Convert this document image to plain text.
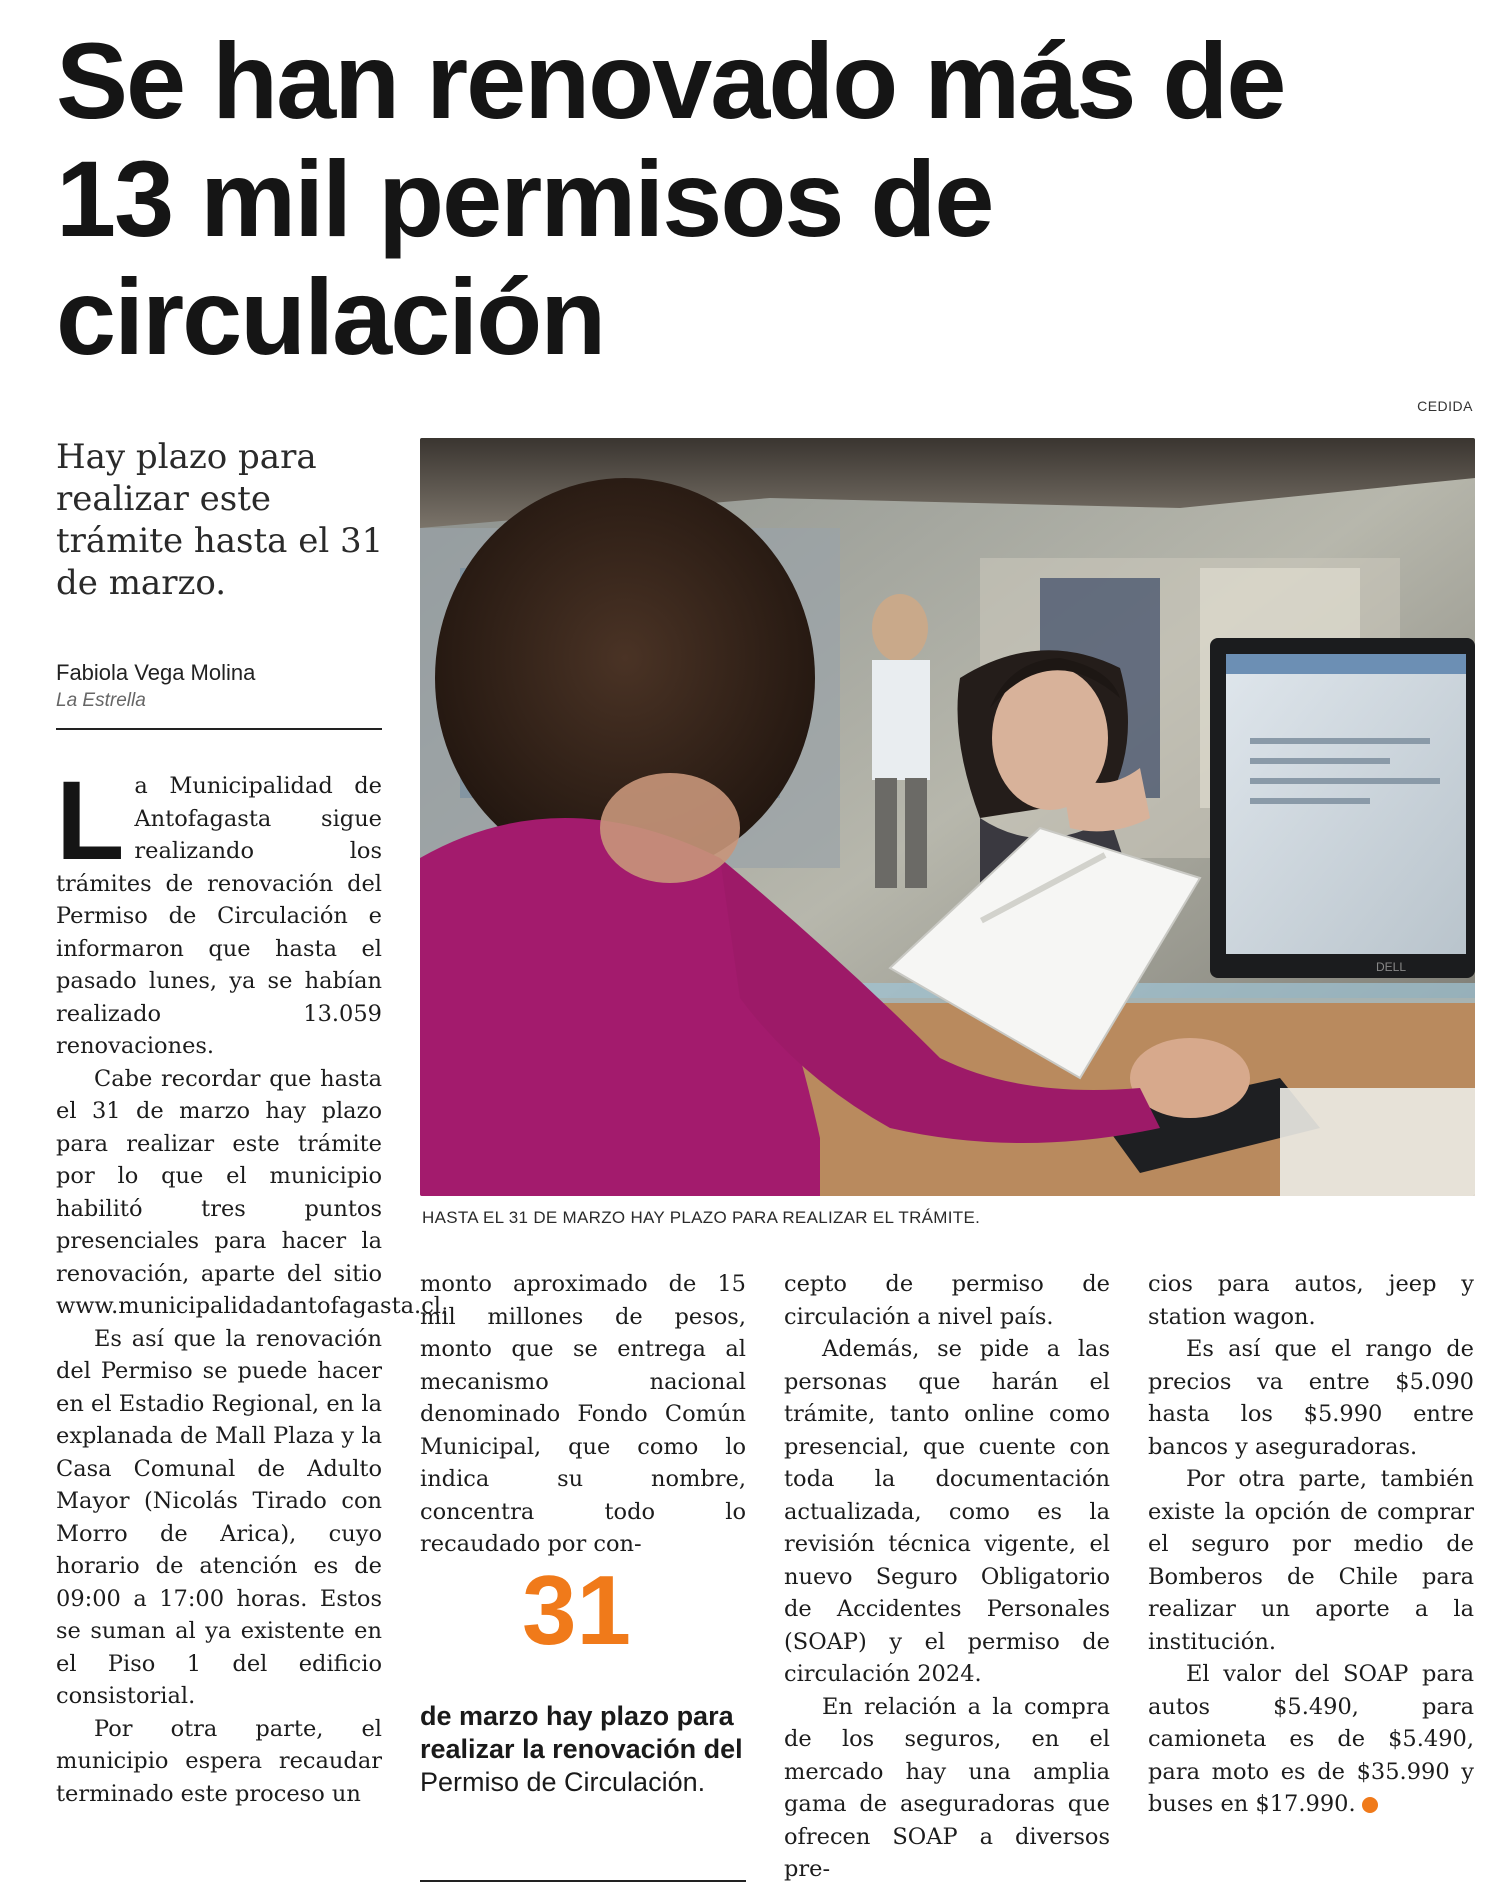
Se han renovado más de
13 mil permisos de
circulación
CEDIDA
Hay plazo para realizar este trámite hasta el 31 de marzo.
Fabiola Vega Molina
La Estrella
DELL
HASTA EL 31 DE MARZO HAY PLAZO PARA REALIZAR EL TRÁMITE.

La Municipalidad de Antofagasta sigue realizando los trámites de renovación del Permiso de Circulación e informaron que hasta el pasado lunes, ya se habían realizado 13.059 renovaciones.

Cabe recordar que hasta el 31 de marzo hay plazo para realizar este trámite por lo que el municipio habilitó tres puntos presenciales para hacer la renovación, aparte del sitio www.municipalidadantofagasta.cl.

Es así que la renovación del Permiso se puede hacer en el Estadio Regional, en la explanada de Mall Plaza y la Casa Comunal de Adulto Mayor (Nicolás Tirado con Morro de Arica), cuyo horario de atención es de 09:00 a 17:00 horas. Estos se suman al ya existente en el Piso 1 del edificio consistorial.

Por otra parte, el municipio espera recaudar terminado este proceso un

monto aproximado de 15 mil millones de pesos, monto que se entrega al mecanismo nacional denominado Fondo Común Municipal, que como lo indica su nombre, concentra todo lo recaudado por con-

31
de marzo hay plazo para realizar la renovación del Permiso de Circulación.

cepto de permiso de circulación a nivel país.

Además, se pide a las personas que harán el trámite, tanto online como presencial, que cuente con toda la documentación actualizada, como es la revisión técnica vigente, el nuevo Seguro Obligatorio de Accidentes Personales (SOAP) y el permiso de circulación 2024.

En relación a la compra de los seguros, en el mercado hay una amplia gama de aseguradoras que ofrecen SOAP a diversos pre-

cios para autos, jeep y station wagon.

Es así que el rango de precios va entre $5.090 hasta los $5.990 entre bancos y aseguradoras.

Por otra parte, también existe la opción de comprar el seguro por medio de Bomberos de Chile para realizar un aporte a la institución.

El valor del SOAP para autos $5.490, para camioneta es de $5.490, para moto es de $35.990 y buses en $17.990.
